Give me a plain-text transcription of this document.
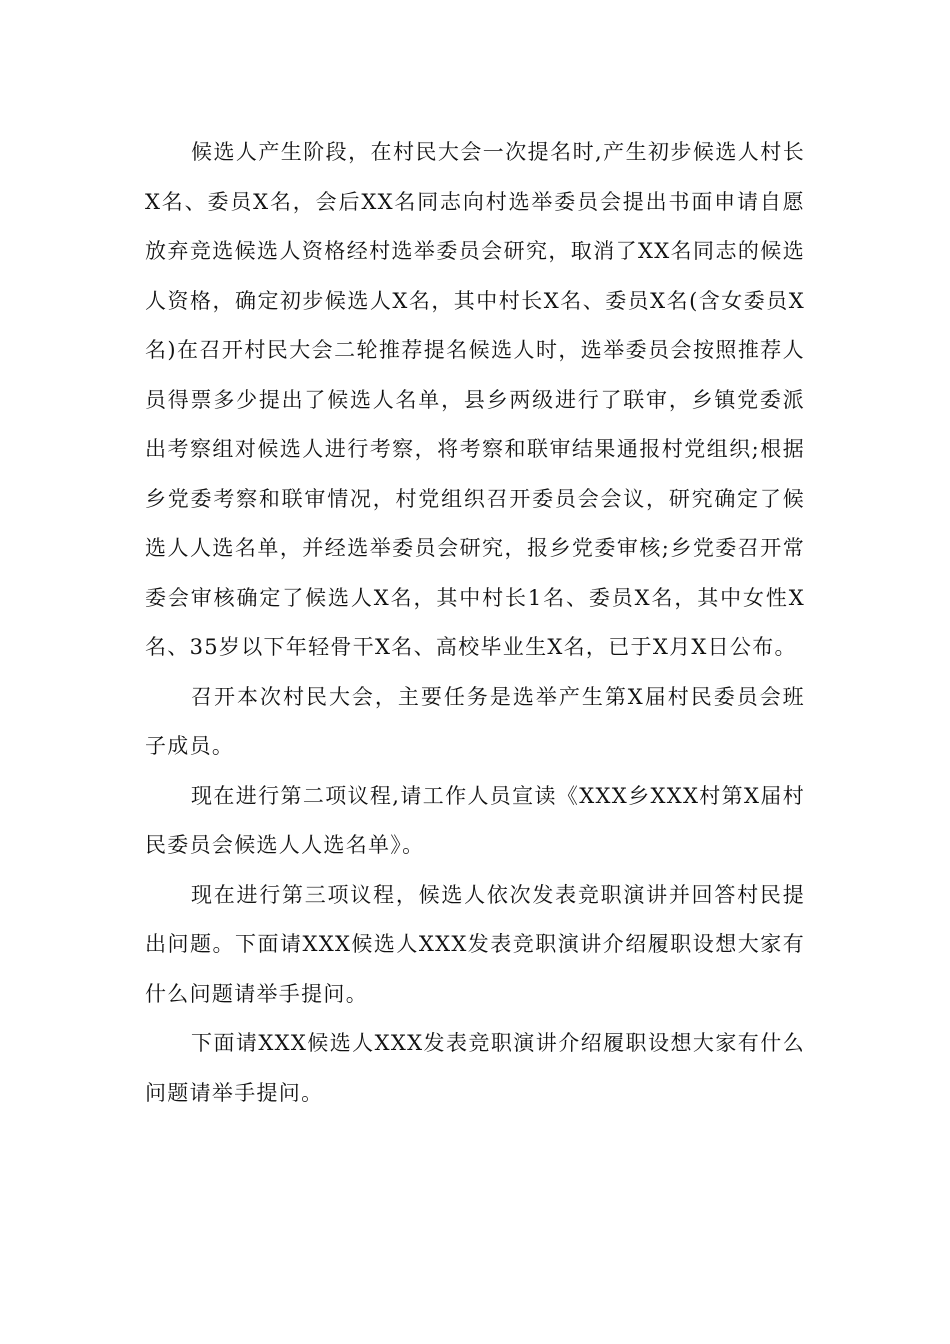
候选人产生阶段，在村民大会一次提名时,产生初步候选人村长X名、委员X名，会后XX名同志向村选举委员会提出书面申请自愿放弃竞选候选人资格经村选举委员会研究，取消了XX名同志的候选人资格，确定初步候选人X名，其中村长X名、委员X名(含女委员X名)在召开村民大会二轮推荐提名候选人时，选举委员会按照推荐人员得票多少提出了候选人名单，县乡两级进行了联审，乡镇党委派出考察组对候选人进行考察，将考察和联审结果通报村党组织;根据乡党委考察和联审情况，村党组织召开委员会会议，研究确定了候选人人选名单，并经选举委员会研究，报乡党委审核;乡党委召开常委会审核确定了候选人X名，其中村长1名、委员X名，其中女性X名、35岁以下年轻骨干X名、高校毕业生X名，已于X月X日公布。

召开本次村民大会，主要任务是选举产生第X届村民委员会班子成员。

现在进行第二项议程,请工作人员宣读《XXX乡XXX村第X届村民委员会候选人人选名单》。

现在进行第三项议程，候选人依次发表竞职演讲并回答村民提出问题。下面请XXX候选人XXX发表竞职演讲介绍履职设想大家有什么问题请举手提问。

下面请XXX候选人XXX发表竞职演讲介绍履职设想大家有什么问题请举手提问。
